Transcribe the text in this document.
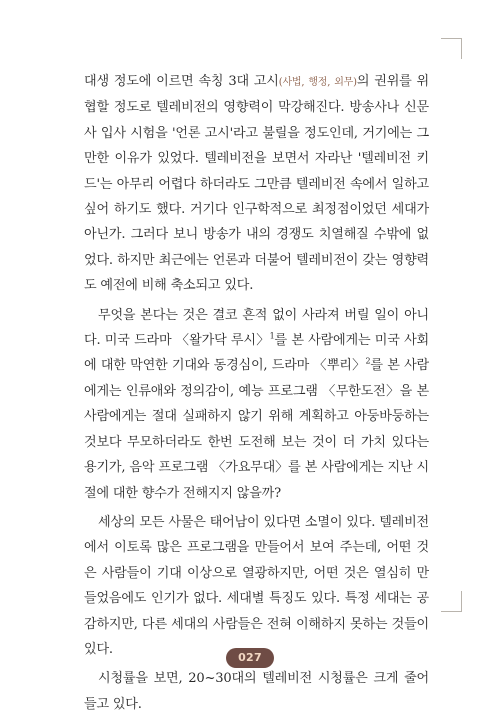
대생 정도에 이르면 속칭 3대 고시(사법, 행정, 외무)의 권위를 위협할 정도로 텔레비전의 영향력이 막강해진다. 방송사나 신문사 입사 시험을 '언론 고시'라고 불릴을 정도인데, 거기에는 그만한 이유가 있었다. 텔레비전을 보면서 자라난 '텔레비전 키드'는 아무리 어렵다 하더라도 그만큼 텔레비전 속에서 일하고 싶어 하기도 했다. 거기다 인구학적으로 최정점이었던 세대가 아닌가. 그러다 보니 방송가 내의 경쟁도 치열해질 수밖에 없었다. 하지만 최근에는 언론과 더불어 텔레비전이 갖는 영향력도 예전에 비해 축소되고 있다.

무엇을 본다는 것은 결코 흔적 없이 사라져 버릴 일이 아니다. 미국 드라마 〈왈가닥 루시〉$^1$를 본 사람에게는 미국 사회에 대한 막연한 기대와 동경심이, 드라마 〈뿌리〉$^2$를 본 사람에게는 인류애와 정의감이, 예능 프로그램 〈무한도전〉을 본 사람에게는 절대 실패하지 않기 위해 계획하고 아둥바둥하는 것보다 무모하더라도 한번 도전해 보는 것이 더 가치 있다는 용기가, 음악 프로그램 〈가요무대〉를 본 사람에게는 지난 시절에 대한 향수가 전해지지 않을까?

세상의 모든 사물은 태어남이 있다면 소멸이 있다. 텔레비전에서 이토록 많은 프로그램을 만들어서 보여 주는데, 어떤 것은 사람들이 기대 이상으로 열광하지만, 어떤 것은 열심히 만들었음에도 인기가 없다. 세대별 특징도 있다. 특정 세대는 공감하지만, 다른 세대의 사람들은 전혀 이해하지 못하는 것들이 있다.

시청률을 보면, 20~30대의 텔레비전 시청률은 크게 줄어들고 있다.

027
